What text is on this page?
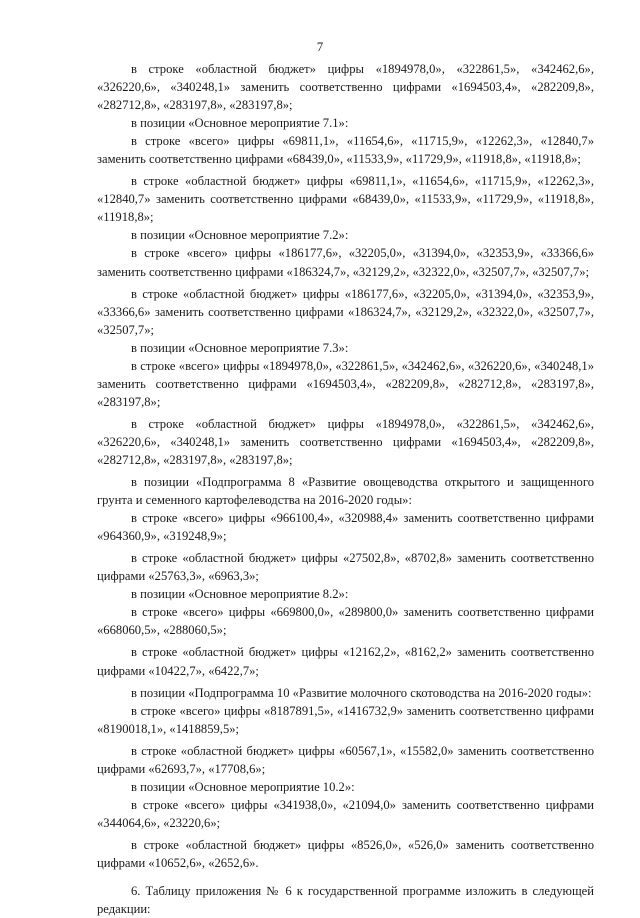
7

в строке «областной бюджет» цифры «1894978,0», «322861,5», «342462,6», «326220,6», «340248,1» заменить соответственно цифрами «1694503,4», «282209,8», «282712,8», «283197,8», «283197,8»;

в позиции «Основное мероприятие 7.1»:

в строке «всего» цифры «69811,1», «11654,6», «11715,9», «12262,3», «12840,7» заменить соответственно цифрами «68439,0», «11533,9», «11729,9», «11918,8», «11918,8»;

в строке «областной бюджет» цифры «69811,1», «11654,6», «11715,9», «12262,3», «12840,7» заменить соответственно цифрами «68439,0», «11533,9», «11729,9», «11918,8», «11918,8»;

в позиции «Основное мероприятие 7.2»:

в строке «всего» цифры «186177,6», «32205,0», «31394,0», «32353,9», «33366,6» заменить соответственно цифрами «186324,7», «32129,2», «32322,0», «32507,7», «32507,7»;

в строке «областной бюджет» цифры «186177,6», «32205,0», «31394,0», «32353,9», «33366,6» заменить соответственно цифрами «186324,7», «32129,2», «32322,0», «32507,7», «32507,7»;

в позиции «Основное мероприятие 7.3»:

в строке «всего» цифры «1894978,0», «322861,5», «342462,6», «326220,6», «340248,1» заменить соответственно цифрами «1694503,4», «282209,8», «282712,8», «283197,8», «283197,8»;

в строке «областной бюджет» цифры «1894978,0», «322861,5», «342462,6», «326220,6», «340248,1» заменить соответственно цифрами «1694503,4», «282209,8», «282712,8», «283197,8», «283197,8»;

в позиции «Подпрограмма 8 «Развитие овощеводства открытого и защищенного грунта и семенного картофелеводства на 2016-2020 годы»:

в строке «всего» цифры «966100,4», «320988,4» заменить соответственно цифрами «964360,9», «319248,9»;

в строке «областной бюджет» цифры «27502,8», «8702,8» заменить соответственно цифрами «25763,3», «6963,3»;

в позиции «Основное мероприятие 8.2»:

в строке «всего» цифры «669800,0», «289800,0» заменить соответственно цифрами «668060,5», «288060,5»;

в строке «областной бюджет» цифры «12162,2», «8162,2» заменить соответственно цифрами «10422,7», «6422,7»;

в позиции «Подпрограмма 10 «Развитие молочного скотоводства на 2016-2020 годы»:

в строке «всего» цифры «8187891,5», «1416732,9» заменить соответственно цифрами «8190018,1», «1418859,5»;

в строке «областной бюджет» цифры «60567,1», «15582,0» заменить соответственно цифрами «62693,7», «17708,6»;

в позиции «Основное мероприятие 10.2»:

в строке «всего» цифры «341938,0», «21094,0» заменить соответственно цифрами «344064,6», «23220,6»;

в строке «областной бюджет» цифры «8526,0», «526,0» заменить соответственно цифрами «10652,6», «2652,6».

6. Таблицу приложения № 6 к государственной программе изложить в следующей редакции:
